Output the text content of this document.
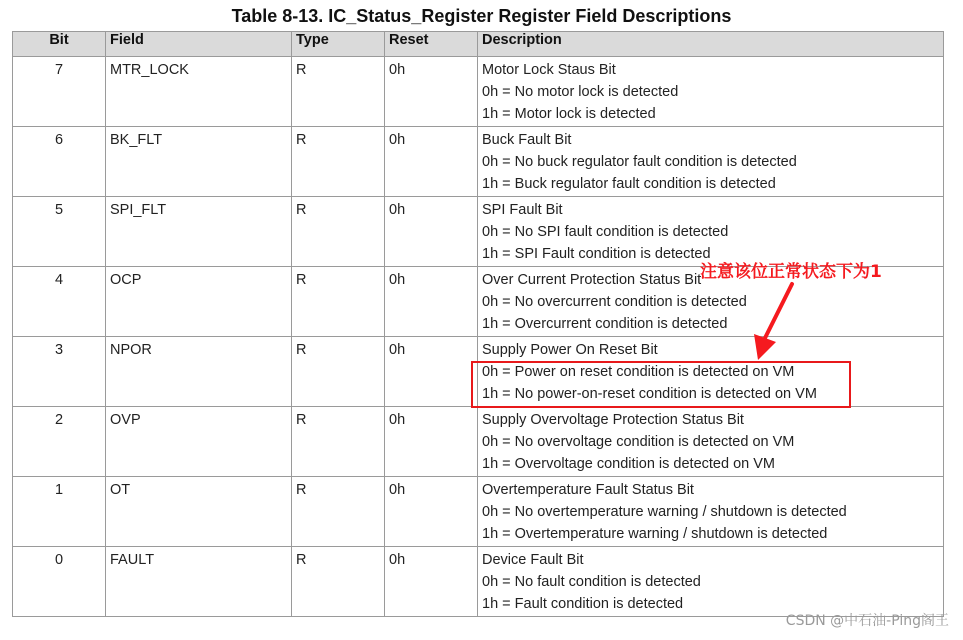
Table 8-13. IC_Status_Register Register Field Descriptions
Bit	Field	Type	Reset	Description
7	MTR_LOCK	R	0h	Motor Lock Staus Bit
0h = No motor lock is detected
1h = Motor lock is detected

6	BK_FLT	R	0h	Buck Fault Bit
0h = No buck regulator fault condition is detected
1h = Buck regulator fault condition is detected

5	SPI_FLT	R	0h	SPI Fault Bit
0h = No SPI fault condition is detected
1h = SPI Fault condition is detected

4	OCP	R	0h	Over Current Protection Status Bit
0h = No overcurrent condition is detected
1h = Overcurrent condition is detected

3	NPOR	R	0h	Supply Power On Reset Bit
0h = Power on reset condition is detected on VM
1h = No power-on-reset condition is detected on VM

2	OVP	R	0h	Supply Overvoltage Protection Status Bit
0h = No overvoltage condition is detected on VM
1h = Overvoltage condition is detected on VM

1	OT	R	0h	Overtemperature Fault Status Bit
0h = No overtemperature warning / shutdown is detected
1h = Overtemperature warning / shutdown is detected

0	FAULT	R	0h	Device Fault Bit
0h = No fault condition is detected
1h = Fault condition is detected
注意该位正常状态下为1
CSDN @中石油-Ping阁王
